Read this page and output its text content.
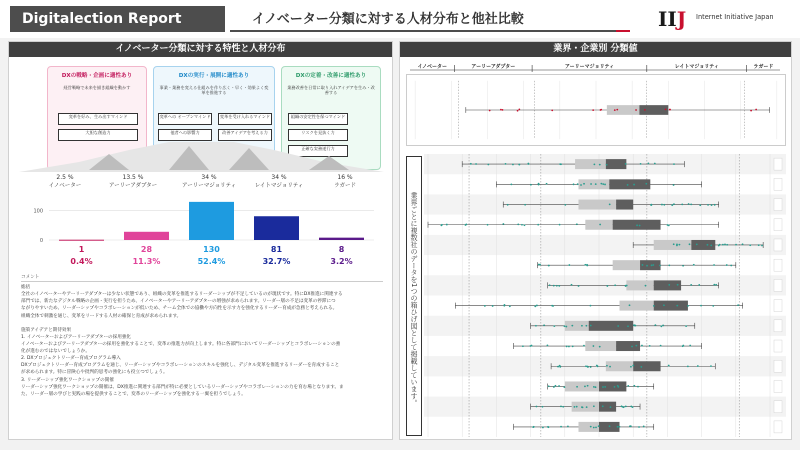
Digitalection Report	イノベーター分類に対する人材分布と他社比較	IIJ Internet Initiative Japan
イノベーター分類に対する特性と人材分布
DXの戦略・企画に適性あり
経営戦略で未来を描き組織を動かす
変革を好み、生み出すマインド
大胆な創造力
DXの実行・展開に適性あり
事業・業務を変える仕組みを作り広く・早く・効果よく変革を推進する
変革への オープンマインド
他者への影響力
変革を受け入れるマインド
改善アイデアを考える力
DXの定着・改善に適性あり
業務改善を日常に取り入れアイデアを生み・改善する
組織の安定性を保つマインド
リスクを見抜く力
正確な実務遂行力
2.5 %
イノベーター
13.5 %
アーリーアダプター
34 %
アーリーマジョリティ
34 %
レイトマジョリティ
16 %
ラガード
100
0
1
0.4%
28
11.3%
130
52.4%
81
32.7%
8
3.2%
コメント
総括
全社のイノベーターやアーリーアダプターは少ない状態であり、組織の変革を推進するリーダーシップが不足しているのが現状です。特にDX推進に関連する
部門では、新たなデジタル戦略の企画・実行を担うため、イノベーターやアーリーアダプターの増強が求められます。リーダー層の不足は変革の停滞につ
ながりやすいため、リーダーシップやコラボレーションが低いため、チーム全体での協働や方向性を示す力を強化するリーダー育成が急務と考えられる。
組織全体で刺激を通じ、変革をリードする人材の確保と育成が求められます。

施策アイデアと期待効果
1. イノベーターおよびアーリーアダプターの採用強化
イノベーターおよびアーリーアダプターの採用を強化することで、変革の推進力が向上します。特に各部門においてリーダーシップとコラボレーションの強
化が進むのではないでしょうか。
2. DXプロジェクトリーダー育成プログラム導入
DXプロジェクトリーダー育成プログラムを通じ、リーダーシップやコラボレーションのスキルを強化し、デジタル変革を推進するリーダーを育成すること
が求められます。特に冒険心や批判的思考の強化にも役立つでしょう。
3. リーダーシップ強化ワークショップの開催
リーダーシップ強化ワークショップの開催は、DX推進に関連する部門が特に必要としているリーダーシップやコラボレーションの力を育む場となります。ま
た、リーダー層の学びと実践の場を提供することで、変革のリーダーシップを強化する一翼を担うでしょう。
業界・企業別 分類値
イノベーター	アーリーアダプター	アーリーマジョリティ	レイトマジョリティ	ラガード
業界ごとに複数社のデータを1つの箱ひげ図として掲載しています。
